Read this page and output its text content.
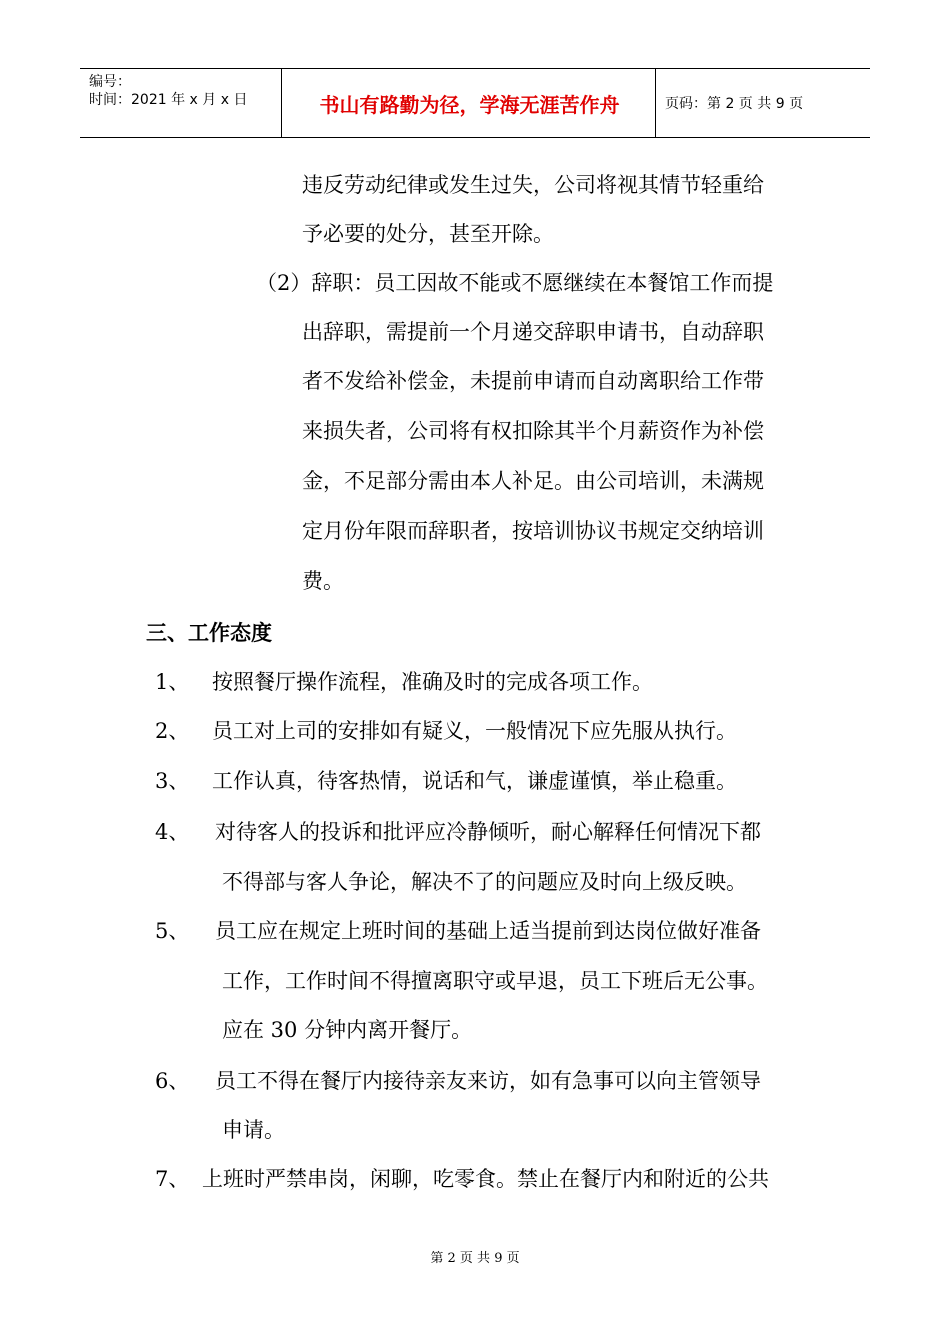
编号：
时间：2021 年 x 月 x 日	书山有路勤为径，学海无涯苦作舟	页码：第 2 页 共 9 页
违反劳动纪律或发生过失，公司将视其情节轻重给
予必要的处分，甚至开除。
（2）辞职：员工因故不能或不愿继续在本餐馆工作而提
出辞职，需提前一个月递交辞职申请书，自动辞职
者不发给补偿金，未提前申请而自动离职给工作带
来损失者，公司将有权扣除其半个月薪资作为补偿
金，不足部分需由本人补足。由公司培训，未满规
定月份年限而辞职者，按培训协议书规定交纳培训
费。
三、工作态度
1、 按照餐厅操作流程，准确及时的完成各项工作。
2、 员工对上司的安排如有疑义，一般情况下应先服从执行。
3、 工作认真，待客热情，说话和气，谦虚谨慎，举止稳重。
4、 对待客人的投诉和批评应冷静倾听，耐心解释任何情况下都
不得部与客人争论，解决不了的问题应及时向上级反映。
5、 员工应在规定上班时间的基础上适当提前到达岗位做好准备
工作，工作时间不得擅离职守或早退，员工下班后无公事。
应在 30 分钟内离开餐厅。
6、 员工不得在餐厅内接待亲友来访，如有急事可以向主管领导
申请。
7、 上班时严禁串岗，闲聊，吃零食。禁止在餐厅内和附近的公共
第 2 页 共 9 页
